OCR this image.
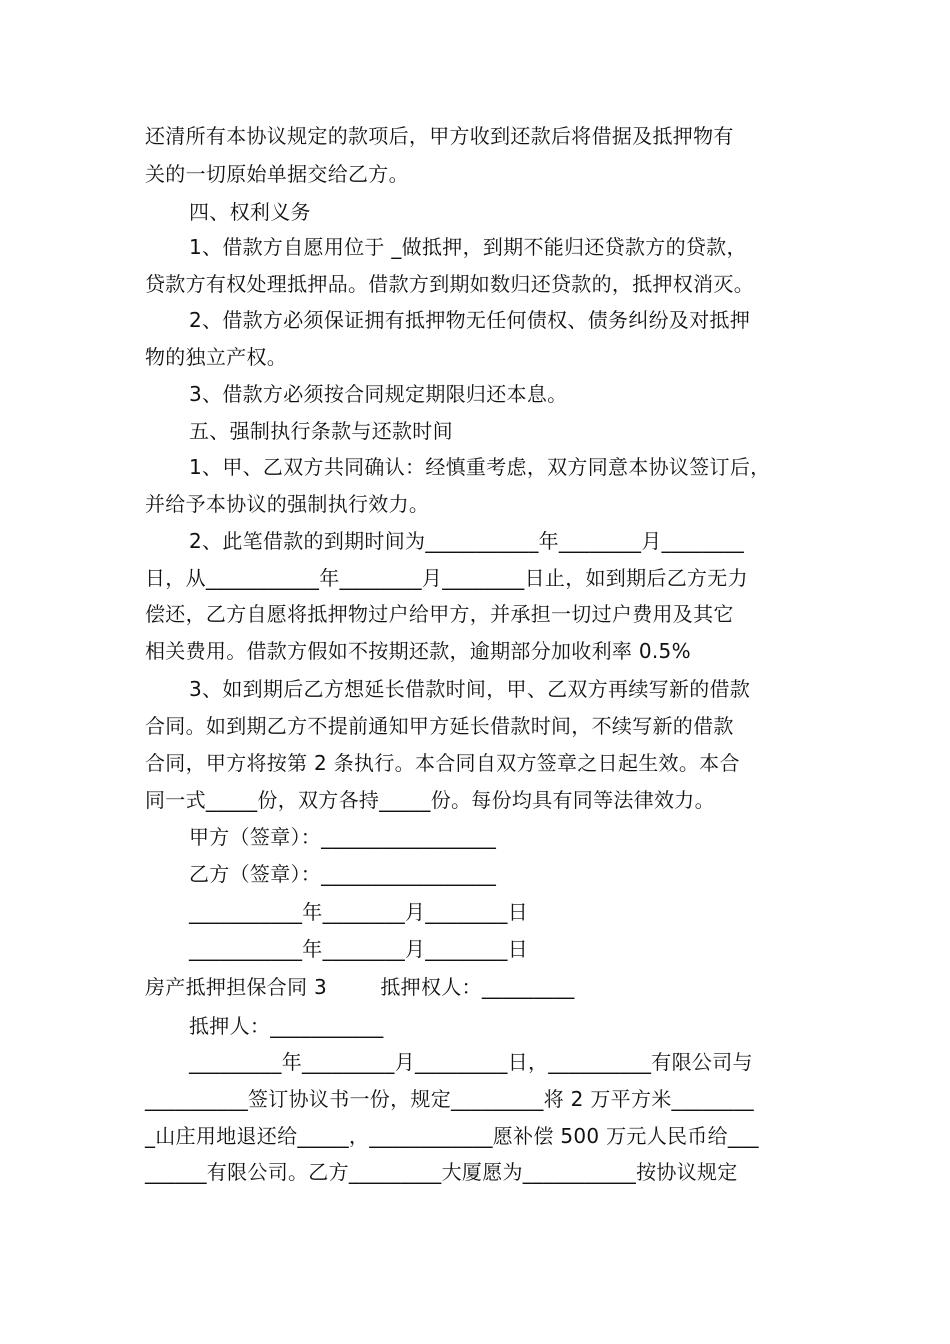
还清所有本协议规定的款项后，甲方收到还款后将借据及抵押物有
关的一切原始单据交给乙方。
四、权利义务
1、借款方自愿用位于 _做抵押，到期不能归还贷款方的贷款，
贷款方有权处理抵押品。借款方到期如数归还贷款的，抵押权消灭。
2、借款方必须保证拥有抵押物无任何债权、债务纠纷及对抵押
物的独立产权。
3、借款方必须按合同规定期限归还本息。
五、强制执行条款与还款时间
1、甲、乙双方共同确认：经慎重考虑，双方同意本协议签订后，
并给予本协议的强制执行效力。
2、此笔借款的到期时间为___________年________月________
日，从___________年________月________日止，如到期后乙方无力
偿还，乙方自愿将抵押物过户给甲方，并承担一切过户费用及其它
相关费用。借款方假如不按期还款，逾期部分加收利率 0.5%
3、如到期后乙方想延长借款时间，甲、乙双方再续写新的借款
合同。如到期乙方不提前通知甲方延长借款时间，不续写新的借款
合同，甲方将按第 2 条执行。本合同自双方签章之日起生效。本合
同一式_____份，双方各持_____份。每份均具有同等法律效力。
甲方（签章）：_________________
乙方（签章）：_________________
___________年________月________日
___________年________月________日
房产抵押担保合同 3        抵押权人：_________
抵押人：___________
_________年_________月_________日，__________有限公司与
__________签订协议书一份，规定_________将 2 万平方米________
_山庄用地退还给_____，____________愿补偿 500 万元人民币给___
______有限公司。乙方_________大厦愿为___________按协议规定
